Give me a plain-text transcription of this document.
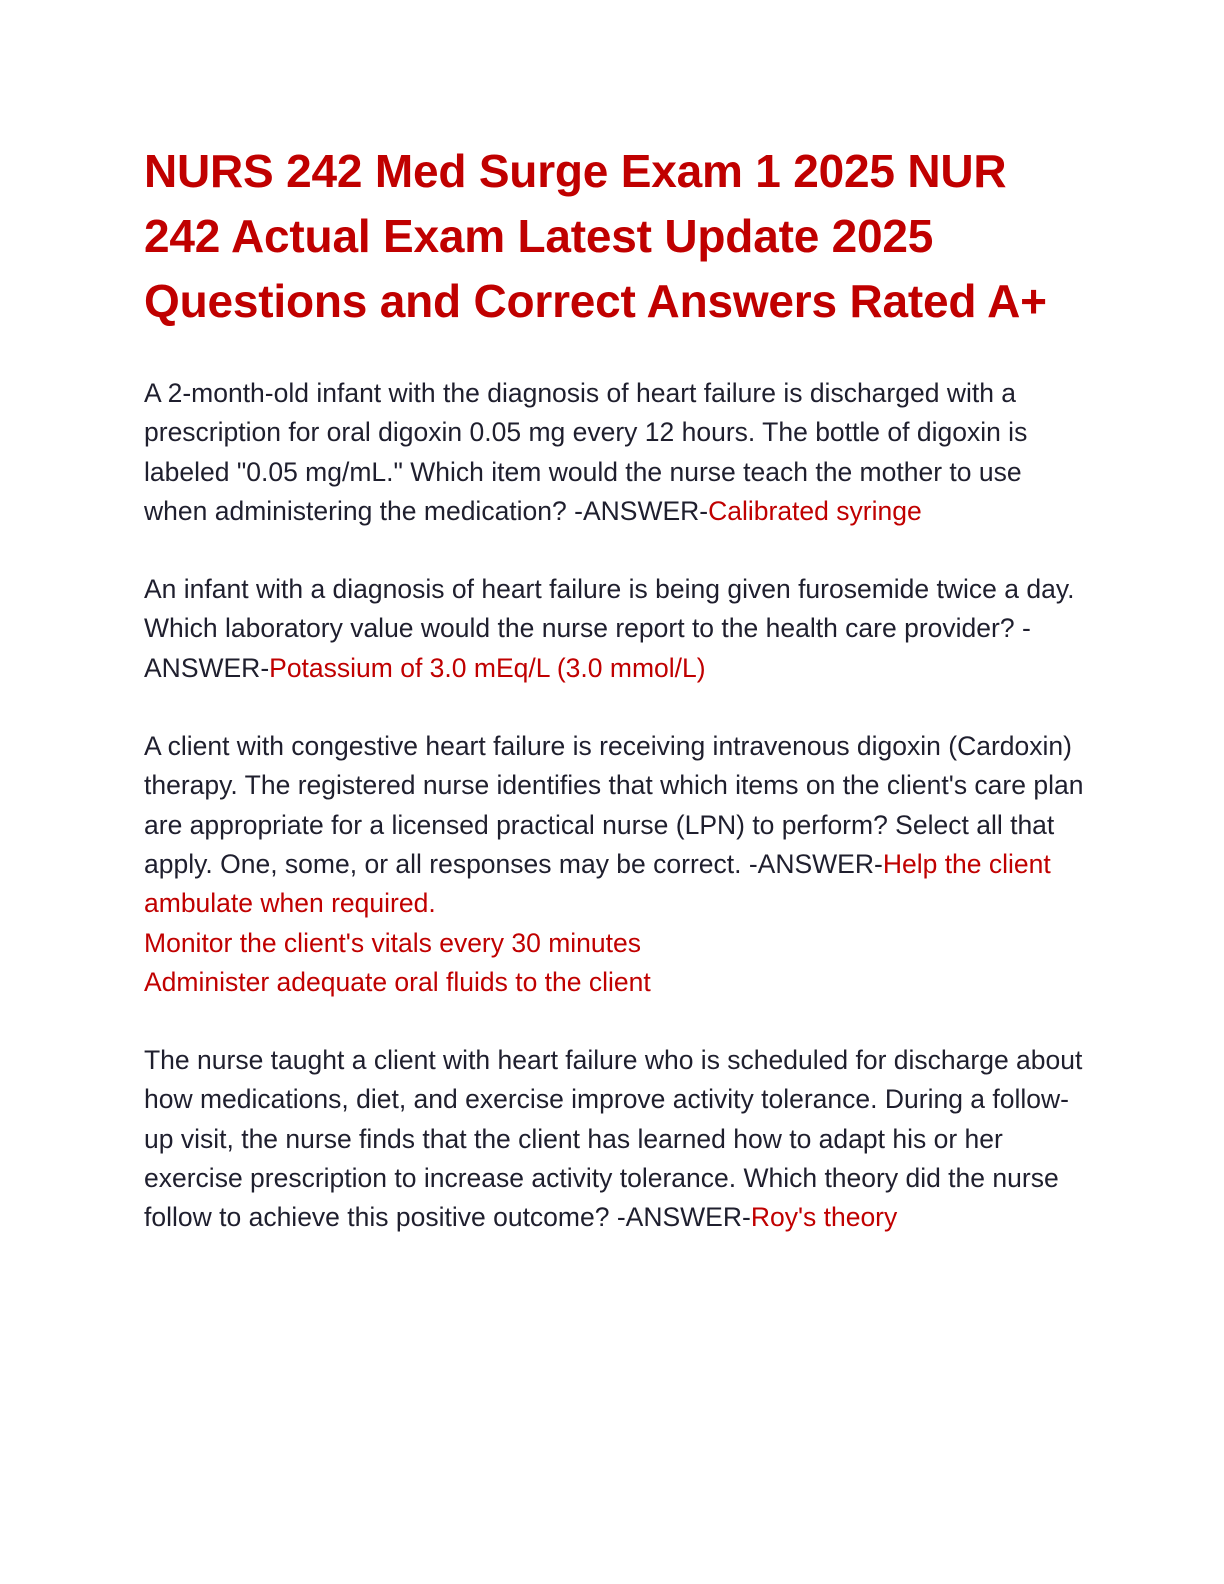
NURS 242 Med Surge Exam 1 2025 NUR 242 Actual Exam Latest Update 2025 Questions and Correct Answers Rated A+

A 2-month-old infant with the diagnosis of heart failure is discharged with a prescription for oral digoxin 0.05 mg every 12 hours. The bottle of digoxin is labeled "0.05 mg/mL." Which item would the nurse teach the mother to use when administering the medication? -ANSWER-Calibrated syringe

An infant with a diagnosis of heart failure is being given furosemide twice a day. Which laboratory value would the nurse report to the health care provider? -ANSWER-Potassium of 3.0 mEq/L (3.0 mmol/L)

A client with congestive heart failure is receiving intravenous digoxin (Cardoxin) therapy. The registered nurse identifies that which items on the client's care plan are appropriate for a licensed practical nurse (LPN) to perform? Select all that apply. One, some, or all responses may be correct. -ANSWER-Help the client ambulate when required.
Monitor the client's vitals every 30 minutes
Administer adequate oral fluids to the client

The nurse taught a client with heart failure who is scheduled for discharge about how medications, diet, and exercise improve activity tolerance. During a follow-up visit, the nurse finds that the client has learned how to adapt his or her exercise prescription to increase activity tolerance. Which theory did the nurse follow to achieve this positive outcome? -ANSWER-Roy's theory
